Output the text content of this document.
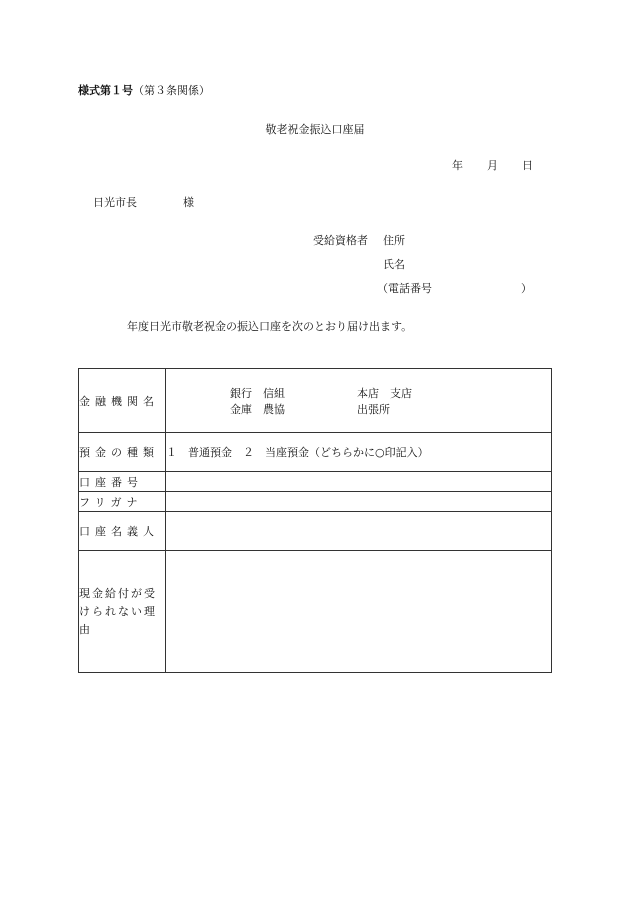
様式第１号（第３条関係）
敬老祝金振込口座届
年 月 日
日光市長	様
受給資格者 住所
氏名
（電話番号	）
年度日光市敬老祝金の振込口座を次のとおり届け出ます。
金融機関名	銀行　信組 本店　支店
金庫　農協 出張所

預金の種類	１　普通預金　２　当座預金（どちらかに○印記入）
口座番号	
フリガナ	
口座名義人	
現金給付が受けられない理由	
